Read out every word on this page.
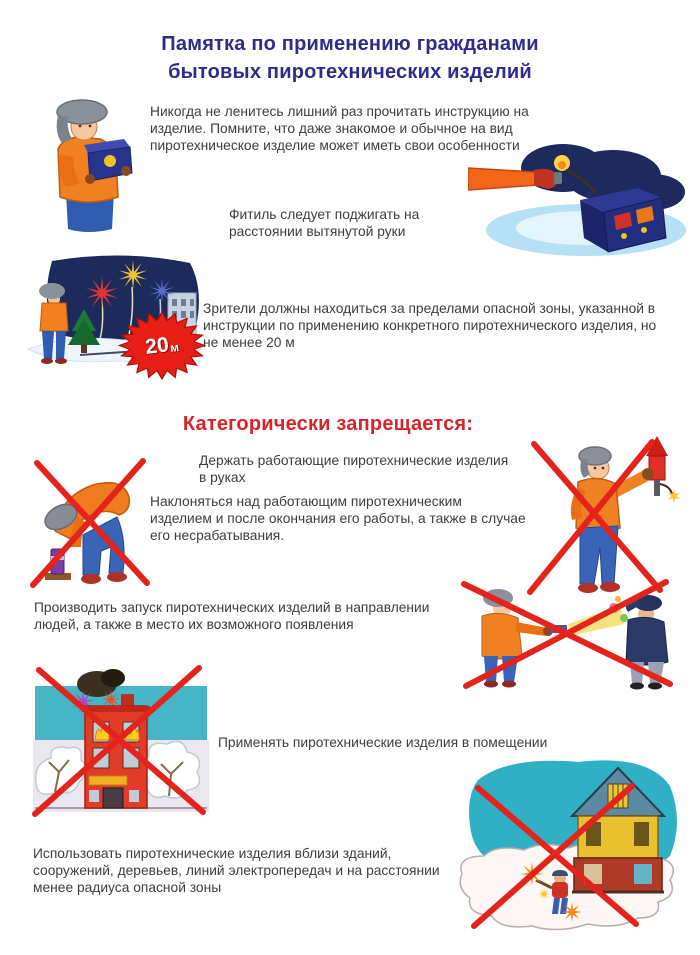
Памятка по применению гражданами
бытовых пиротехнических изделий
Никогда не ленитесь лишний раз прочитать инструкцию на
изделие. Помните, что даже знакомое и обычное на вид
пиротехническое изделие может иметь свои особенности
Фитиль следует поджигать на
расстоянии вытянутой руки
20 м
Зрители должны находиться за пределами опасной зоны, указанной в
инструкции по применению конкретного пиротехнического изделия, но
не менее 20 м
Категорически запрещается:
Держать работающие пиротехнические изделия
в руках
Наклоняться над работающим пиротехническим
изделием и после окончания его работы, а также в случае
его несрабатывания.
Производить запуск пиротехнических изделий в направлении
людей, а также в место их возможного появления
Применять пиротехнические изделия в помещении
Использовать пиротехнические изделия вблизи зданий,
сооружений, деревьев, линий электропередач и на расстоянии
менее радиуса опасной зоны
